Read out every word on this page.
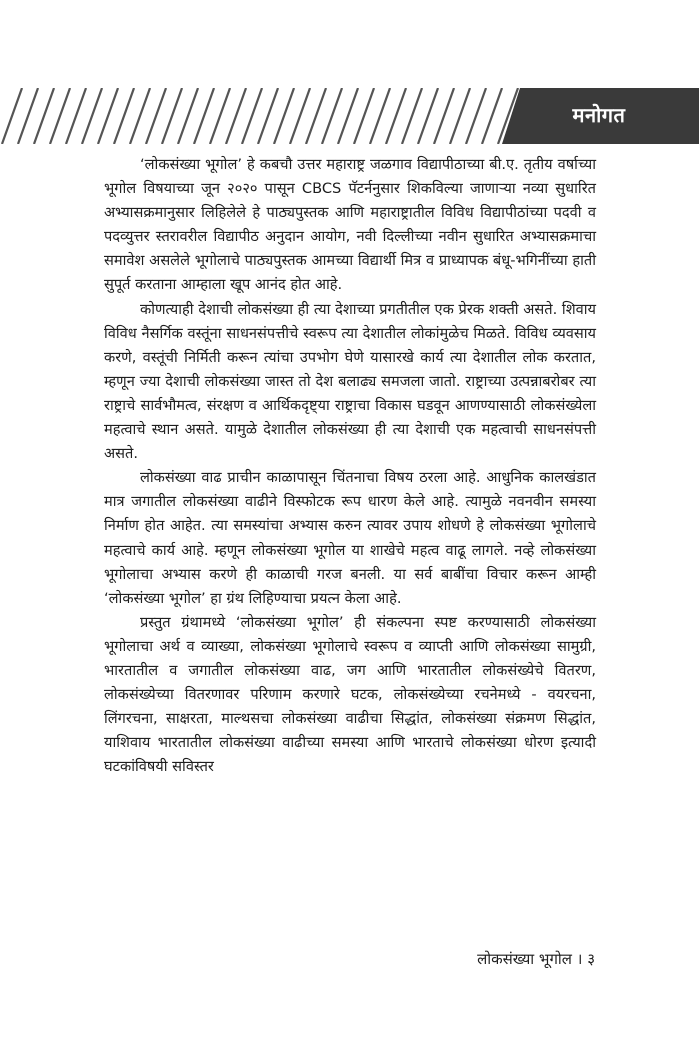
मनोगत

‘लोकसंख्या भूगोल’ हे कबचौ उत्तर महाराष्ट्र जळगाव विद्यापीठाच्या बी.ए. तृतीय वर्षाच्या भूगोल विषयाच्या जून २०२० पासून CBCS पॅटर्ननुसार शिकविल्या जाणाऱ्या नव्या सुधारित अभ्यासक्रमानुसार लिहिलेले हे पाठ्यपुस्तक आणि महाराष्ट्रातील विविध विद्यापीठांच्या पदवी व पदव्युत्तर स्तरावरील विद्यापीठ अनुदान आयोग, नवी दिल्लीच्या नवीन सुधारित अभ्यासक्रमाचा समावेश असलेले भूगोलाचे पाठ्यपुस्तक आमच्या विद्यार्थी मित्र व प्राध्यापक बंधू-भगिनींच्या हाती सुपूर्त करताना आम्हाला खूप आनंद होत आहे.

कोणत्याही देशाची लोकसंख्या ही त्या देशाच्या प्रगतीतील एक प्रेरक शक्ती असते. शिवाय विविध नैसर्गिक वस्तूंना साधनसंपत्तीचे स्वरूप त्या देशातील लोकांमुळेच मिळते. विविध व्यवसाय करणे, वस्तूंची निर्मिती करून त्यांचा उपभोग घेणे यासारखे कार्य त्या देशातील लोक करतात, म्हणून ज्या देशाची लोकसंख्या जास्त तो देश बलाढ्य समजला जातो. राष्ट्राच्या उत्पन्नाबरोबर त्या राष्ट्राचे सार्वभौमत्व, संरक्षण व आर्थिकदृष्ट्या राष्ट्राचा विकास घडवून आणण्यासाठी लोकसंख्येला महत्वाचे स्थान असते. यामुळे देशातील लोकसंख्या ही त्या देशाची एक महत्वाची साधनसंपत्ती असते.

लोकसंख्या वाढ प्राचीन काळापासून चिंतनाचा विषय ठरला आहे. आधुनिक कालखंडात मात्र जगातील लोकसंख्या वाढीने विस्फोटक रूप धारण केले आहे. त्यामुळे नवनवीन समस्या निर्माण होत आहेत. त्या समस्यांचा अभ्यास करुन त्यावर उपाय शोधणे हे लोकसंख्या भूगोलाचे महत्वाचे कार्य आहे. म्हणून लोकसंख्या भूगोल या शाखेचे महत्व वाढू लागले. नव्हे लोकसंख्या भूगोलाचा अभ्यास करणे ही काळाची गरज बनली. या सर्व बाबींचा विचार करून आम्ही ‘लोकसंख्या भूगोल’ हा ग्रंथ लिहिण्याचा प्रयत्न केला आहे.

प्रस्तुत ग्रंथामध्ये ‘लोकसंख्या भूगोल’ ही संकल्पना स्पष्ट करण्यासाठी लोकसंख्या भूगोलाचा अर्थ व व्याख्या, लोकसंख्या भूगोलाचे स्वरूप व व्याप्ती आणि लोकसंख्या सामुग्री, भारतातील व जगातील लोकसंख्या वाढ, जग आणि भारतातील लोकसंख्येचे वितरण, लोकसंख्येच्या वितरणावर परिणाम करणारे घटक, लोकसंख्येच्या रचनेमध्ये - वयरचना, लिंगरचना, साक्षरता, माल्थसचा लोकसंख्या वाढीचा सिद्धांत, लोकसंख्या संक्रमण सिद्धांत, याशिवाय भारतातील लोकसंख्या वाढीच्या समस्या आणि भारताचे लोकसंख्या धोरण इत्यादी घटकांविषयी सविस्तर

लोकसंख्या भूगोल । ३
